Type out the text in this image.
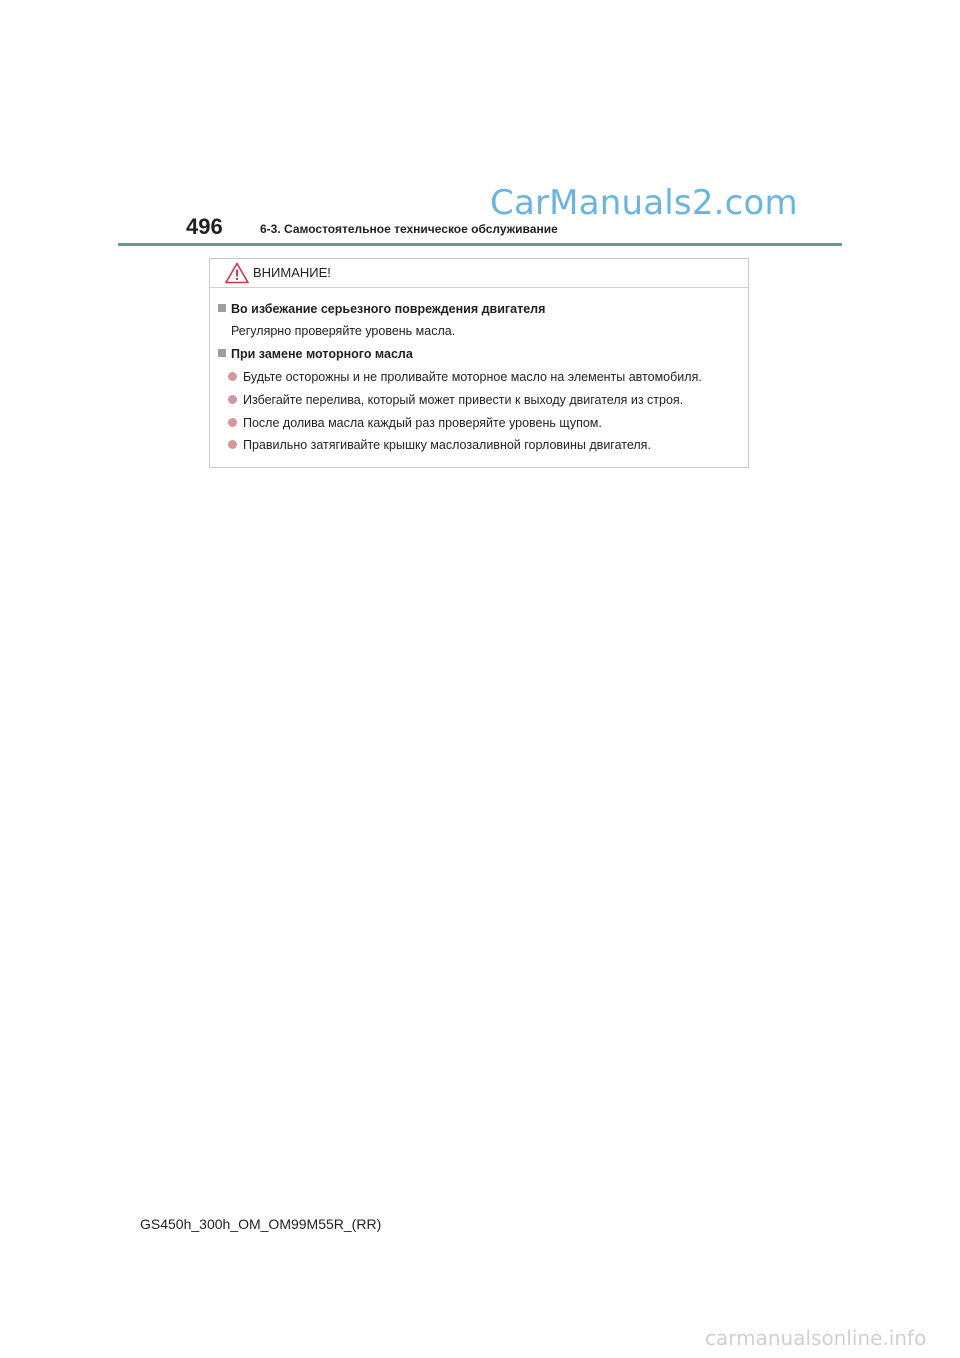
CarManuals2.com
496	6-3. Самостоятельное техническое обслуживание
ВНИМАНИЕ!
Во избежание серьезного повреждения двигателя
Регулярно проверяйте уровень масла.
При замене моторного масла
Будьте осторожны и не проливайте моторное масло на элементы автомобиля.
Избегайте перелива, который может привести к выходу двигателя из строя.
После долива масла каждый раз проверяйте уровень щупом.
Правильно затягивайте крышку маслозаливной горловины двигателя.
GS450h_300h_OM_OM99M55R_(RR)
carmanualsonline.info
